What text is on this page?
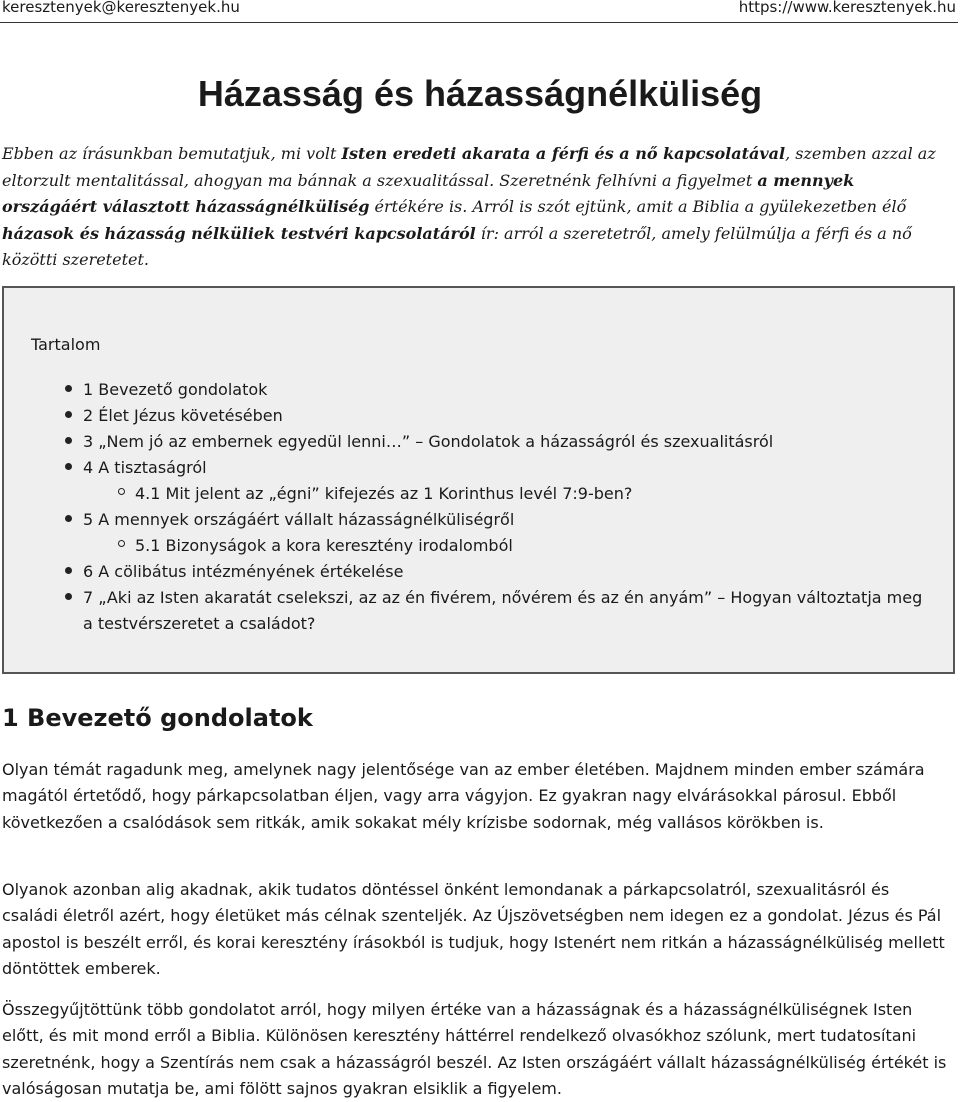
keresztenyek@keresztenyek.hu	https://www.keresztenyek.hu
Házasság és házasságnélküliség

Ebben az írásunkban bemutatjuk, mi volt Isten eredeti akarata a férfi és a nő kapcsolatával, szemben azzal az eltorzult mentalitással, ahogyan ma bánnak a szexualitással. Szeretnénk felhívni a figyelmet a mennyek országáért választott házasságnélküliség értékére is. Arról is szót ejtünk, amit a Biblia a gyülekezetben élő házasok és házasság nélküliek testvéri kapcsolatáról ír: arról a szeretetről, amely felülmúlja a férfi és a nő közötti szeretetet.

Tartalom
1 Bevezető gondolatok
2 Élet Jézus követésében
3 „Nem jó az embernek egyedül lenni…” – Gondolatok a házasságról és szexualitásról
4 A tisztaságról
4.1 Mit jelent az „égni” kifejezés az 1 Korinthus levél 7:9-ben?
5 A mennyek országáért vállalt házasságnélküliségről
5.1 Bizonyságok a kora keresztény irodalomból
6 A cölibátus intézményének értékelése
7 „Aki az Isten akaratát cselekszi, az az én fivérem, nővérem és az én anyám” – Hogyan változtatja meg a testvérszeretet a családot?
1 Bevezető gondolatok

Olyan témát ragadunk meg, amelynek nagy jelentősége van az ember életében. Majdnem minden ember számára magától értetődő, hogy párkapcsolatban éljen, vagy arra vágyjon. Ez gyakran nagy elvárásokkal párosul. Ebből következően a csalódások sem ritkák, amik sokakat mély krízisbe sodornak, még vallásos körökben is.

Olyanok azonban alig akadnak, akik tudatos döntéssel önként lemondanak a párkapcsolatról, szexualitásról és családi életről azért, hogy életüket más célnak szenteljék. Az Újszövetségben nem idegen ez a gondolat. Jézus és Pál apostol is beszélt erről, és korai keresztény írásokból is tudjuk, hogy Istenért nem ritkán a házasságnélküliség mellett döntöttek emberek.

Összegyűjtöttünk több gondolatot arról, hogy milyen értéke van a házasságnak és a házasságnélküliségnek Isten előtt, és mit mond erről a Biblia. Különösen keresztény háttérrel rendelkező olvasókhoz szólunk, mert tudatosítani szeretnénk, hogy a Szentírás nem csak a házasságról beszél. Az Isten országáért vállalt házasságnélküliség értékét is valóságosan mutatja be, ami fölött sajnos gyakran elsiklik a figyelem.
